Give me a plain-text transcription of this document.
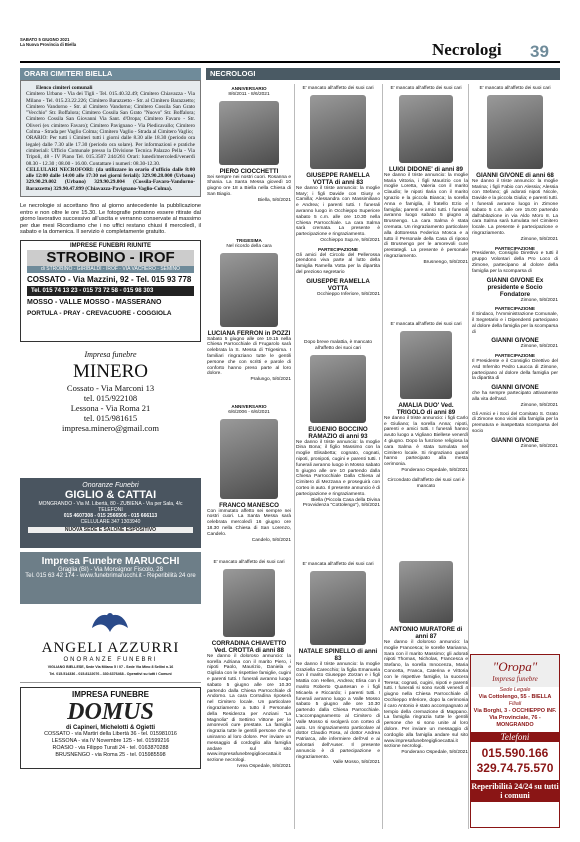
SABATO 5 GIUGNO 2021
La Nuova Provincia di Biella	Necrologi 39
ORARI CIMITERI BIELLA
Elenco cimiteri comunali
Cimitero Urbano - Via dei Tigli - Tel. 015.40.32.49; Cimitero Chiavazza - Via Milano - Tel. 015.23.22.226; Cimitero Barazzetto - Str. al Cimitero Barazzetto; Cimitero Vandorno - Str. al Cimitero Vandorno; Cimitero Cossila San Grato "Vecchio" Str. Boffalora; Cimitero Cossila San Grato "Nuovo" Str. Boffalora; Cimitero Cossila San Giovanni Via Sant. d'Oropa; Cimitero Favaro - Str. Oliveri (ex cimitero Favaro); Cimitero Pavignano - Via Piedicavallo; Cimitero Colma - Strada per Vaglio Colma; Cimitero Vaglio - Strada al Cimitero Vaglio;
ORARIO: Per tutti i Cimiteri tutti i giorni dalle 8.30 alle 18.30 (periodo ora legale) dalle 7.30 alle 17.30 (periodo ora solare). Per informazioni e pratiche cimiteriali: Ufficio Comunale presso la Divisione Tecnica Palazzo Pella - Via Tripoli, 48 - IV Piano Tel. 015.3507 244/261 Orari: lunedì/mercoledì/venerdì 08.30 - 12.30 ; 08.00 - 16.00. Contattare i numeri: 08.30-12.30.
CELLULARI NECROFORI: (da utilizzare in orario d'ufficio dalle 8:00 alle 12:00 dalle 14:00 alle 17:30 nei giorni feriali): 329.90.28.000 (Urbano) 329.90.29.002 (Urbano) 329.90.29.004 (Cossila-Favaro-Vandorno-Barazzetto) 329.90.47.899 (Chiavazza-Pavignano-Vaglio-Colma).
Le necrologie si accettano fino al giorno antecedente la pubblicazione entro e non oltre le ore 15.30. Le fotografie potranno essere ritirate dal giorno lavorativo successivo all'uscita e verranno conservate al massimo per due mesi Ricordiamo che i no uffici restano chiusi il mercoledì, il sabato e la domenica. Il servizio è completamente gratuito.
IMPRESE FUNEBRI RIUNITE
STROBINO - IROF
di STROBINO - GIRIBALDI - IROF - VIA VACHERO - SEMINO
COSSATO - Via Mazzini, 92 - Tel. 015 93 778
Tel. 015 74 13 23 - 015 73 72 58 - 015 98 303
MOSSO - VALLE MOSSO - MASSERANO
PORTULA - PRAY - CREVACUORE - COGGIOLA
Impresa funebre
MINERO
Cossato - Via Marconi 13
tel. 015/922108
Lessona - Via Roma 21
tel. 015/981615
impresa.minero@gmail.com
Onoranze Funebri
GIGLIO & CATTAI
MONGRANDO - Via M. Libertà, 80 - ZUBIENA - Via per Sala, 4/c
TELEFONI
015 4607308 - 015 2566506 - 015 666113
CELLULARE 347 1303940
NUOVA SEDE E SALONE ESPOSITIVO
Impresa Funebre MARUCCHI
Graglia (BI) - Via Monsignor Fiscolo, 28
Tel. 015 63 42 174 - www.funebrimarucchi.it - Reperibilità 24 ore
ANGELI AZZURRI
ONORANZE FUNEBRI
VIGLIANO BIELLESE, Sede Via Milano 5 / 07 - Sede Via Mino 8 Sellini n.16
Tel. 015.514336 - 015.8122076 - 330.6376468 - Operativi su tutti i Comuni
IMPRESA FUNEBRE
DOMUS
di Capineri, Michelotti & Ogietti
COSSATO - via Martiri della Libertà 36 - tel. 015981016
LESSONA - via IV Novembre 125 - tel. 01599216
ROASIO - via Filippo Turati 24 - tel. 0163870288
BRUSNENGO - via Roma 25 - tel. 015985598
NECROLOGI
ANNIVERSARIO
8/6/2011 - 8/6/2021
PIERO CIOCCHETTI
Sei sempre nei nostri cuori. Rosanna e Shania. La Santa Messa giovedì 10 giugno ore 18 a Biella nella Chiesa di San Biagio.
Biella, 5/6/2021
TRIGESIMA
Nel ricordo della cara
LUCIANA FERRON in POZZI
Sabato 5 giugno alle ore 19.15 nella Chiesa Parrocchiale di Frugarolo sarà celebrata la S. Messa di Trigesima. I familiari ringraziano tutte le gentili persone che con scritti e parole di conforto hanno preso parte al loro dolore.
Pralungo, 5/6/2021
ANNIVERSARIO
6/6/2006 - 6/6/2021
FRANCO MANESCO
Con immutato affetto sei sempre nei nostri cuori. La Santa Messa sarà celebrata mercoledì 16 giugno ore 18.30 nella Chiesa di San Lorenzo, Candelo.
Candelo, 5/6/2021
E' mancato all'affetto dei suoi cari
CORRADINA CHIAVETTO Ved. CROTTA di anni 88
Ne danno il doloroso annuncio: la sorella Adriana con il marito Piero, i nipoti Paolo, Maurizio, Daniela e Gigliola con le rispettive famiglie, cugini e parenti tutti. I funerali avranno luogo sabato 5 giugno alle ore 10.30 partendo dalla Chiesa Parrocchiale di Andorno. La cara Corradina riposerà nel Cimitero locale. Un particolare ringraziamento a tutto il Personale della Residenza per Anziani "La Magnolia" di Settimo Vittone per le amorevoli cure prestate. La famiglia ringrazia tutte le gentili persone che si uniranno al loro dolore. Per inviare un messaggio di cordoglio alla famiglia andare sul sito www.impresafunebregiglioecattai.it sezione necrologi.
Ivrea Ospedale, 5/6/2021
E' mancato all'affetto dei suoi cari
GIUSEPPE RAMELLA VOTTA di anni 83
Ne danno il triste annuncio: la moglie Mary; i figli Davide con Giusy e Camilla; Alessandra con Massimiliano e Andrea; i parenti tutti. I funerali avranno luogo in Occhieppo Superiore sabato 5 c.m. alle ore 10.30 nella Chiesa Parrocchiale. La cara Salma sarà cremata. La presente è partecipazione e ringraziamento.
Occhieppo Sup.re, 5/6/2021
PARTECIPAZIONE
Gli amici del Circolo del Pellerossa prendono viva parte al lutto della famiglia Ramella Votta per la dipartita del prezioso segretario
GIUSEPPE RAMELLA VOTTA
Occhieppo Inferiore, 5/6/2021
Dopo breve malattia, è mancato all'affetto dei suoi cari
EUGENIO BOCCINO RAMAZIO di anni 93
Ne danno il triste annuncio: la moglie Dina Bona; il figlio Massimo con la moglie Elisabetta; cognato, cognati, nipoti, pronipoti, cugini e parenti tutti. I funerali avranno luogo in Mosso sabato 5 giugno alle ore 10 partendo dalla Chiesa Parrocchiale Dalla Chiesa al Cimitero di Mezzana e proseguirà con corteo in auto. Il presente annuncio è di partecipazione e ringraziamento.
Biella (Piccola Casa della Divina Provvidenza "Cottolengo"), 5/6/2021
E' mancata all'affetto dei suoi cari
NATALE SPINELLO di anni 83
Ne danno il triste annuncio: la moglie Graziella Carecchio; la figlia Emanuela con il marito Giuseppe Zorzan e i figli Mattia con Hellen, Andrea; Elisa con il marito Roberto Quartesan e i figli Micaela e Riccardo; i parenti tutti. I funerali avranno luogo a Valle Mosso sabato 5 giugno alle ore 10.30 partendo dalla Chiesa Parrocchiale. L'accompagnamento al Cimitero di Valle Mosso si svolgerà con corteo di auto. Un ringraziamento particolare al dottor Claudio Rosa, al dottor Andrea Patriarca, alle infermiere dell'Asl e ai volontari dell'Auser. Il presente annuncio è di partecipazione e ringraziamento.
Valle Mosso, 5/6/2021
E' mancato all'affetto dei suoi cari
LUIGI DIDONE' di anni 89
Ne danno il triste annuncio: la moglie Maria Vittoria, i figli Maurizio con la moglie Loretta, Valeria con il marito Claudio; le nipoti Ilaria con il marito Ignazio e la piccola Bianca; la sorella Anna e famiglia, il fratello Ezio e famiglia; parenti e amici tutti. I funerali avranno luogo sabato 5 giugno a Brusnengo. La cara Salma è stata cremata. Un ringraziamento particolare alla dottoressa Federica Mosca e a tutto il Personale della Casa di riposo di Brusnengo per le amorevoli cure prestategli. La presente è personale ringraziamento.
Brusnengo, 5/6/2021
E' mancata all'affetto dei suoi cari
AMALIA DUO' Ved. TRIGOLO di anni 89
Ne danno il triste annuncio: i figli Carlo e Giuliano; la sorella Anna; nipoti, parenti e amici tutti. I funerali hanno avuto luogo a Vigliano Biellese venerdì 4 giugno. Dopo la funzione religiosa la cara Salma è stata tumulata nel Cimitero locale. Si ringraziano quanti hanno partecipato alla mesta cerimonia.
Ponderano Ospedale, 5/6/2021
Circondato dall'affetto dei suoi cari è mancato
ANTONIO MURATORE di anni 87
Ne danno il doloroso annuncio: la moglie Francesca; le sorelle Marianna, Sara con il marito Massimo; gli adorati nipoti Thomas, Nicholas, Francesca e Stefano, la sorella Innocenza, Maria Concetta, Franca, Caterina e Vittoria con le rispettive famiglie, la suocera Teresa; cognati, cugini, nipoti e parenti tutti. I funerali si sono svolti venerdì 4 giugno nella Chiesa Parrocchiale di Occhieppo Inferiore, dopo la cerimonia il caro Antonio è stato accompagnato al tempio della cremazione di Mappano. La famiglia ringrazia tutte le gentili persone che si sono unite al loro dolore. Per inviare un messaggio di cordoglio alla famiglia andare sul sito www.impresafunebregiglioecattai.it sezione necrologi.
Ponderano Ospedale, 5/6/2021
E' mancato all'affetto dei suoi cari
GIANNI GIVONE di anni 68
Ne danno il triste annuncio: la moglie Marina; i figli Fabio con Alessia; Alessia con Stefano; gli adorati nipoti Nicole, Davide e la piccola Giulia; e parenti tutti. I funerali avranno luogo in Zimone sabato 5 c.m. alle ore 15.00 partendo dall'abitazione in via Aldo Moro 8. La cara Salma sarà tumulata nel Cimitero locale. La presente è partecipazione e ringraziamento.
Zimone, 5/6/2021
PARTECIPAZIONE
Presidente, Consiglio Direttivo e tutti il gruppo Volontari della Pro Loco di Zimone, partecipano al dolore della famiglia per la scomparsa di
GIANNI GIVONE Ex presidente e Socio Fondatore
Zimone, 5/6/2021
PARTECIPAZIONE
Il Sindaco, l'Amministrazione Comunale, il Segretario e i Dipendenti partecipano al dolore della famiglia per la scomparsa di
GIANNI GIVONE
Zimone, 5/6/2021
PARTECIPAZIONE
Il Presidente e il Consiglio Direttivo del Asd Infernito Pedro Laucca di Zimone, partecipano al dolore della famiglia per la dipartita di
GIANNI GIVONE
che ha sempre partecipato attivamente alla vita dell'asd.
Zimone, 5/6/2021
Gli Amici e i Soci del Comitato S. Grato di Zimone sono vicini alla famiglia per la prematura e inaspettata scomparsa del socio
GIANNI GIVONE
Zimone, 5/6/2021
"Oropa"
Impresa funebre
Sede Legale
Via Cottolengo, 55 - BIELLA
Filiali
Via Borghi, 3 - OCCHIEPPO INF.
Via Provinciale, 76 - MONGRANDO
Telefoni
015.590.166
329.74.75.570
Reperibilità 24/24 su tutti i comuni
